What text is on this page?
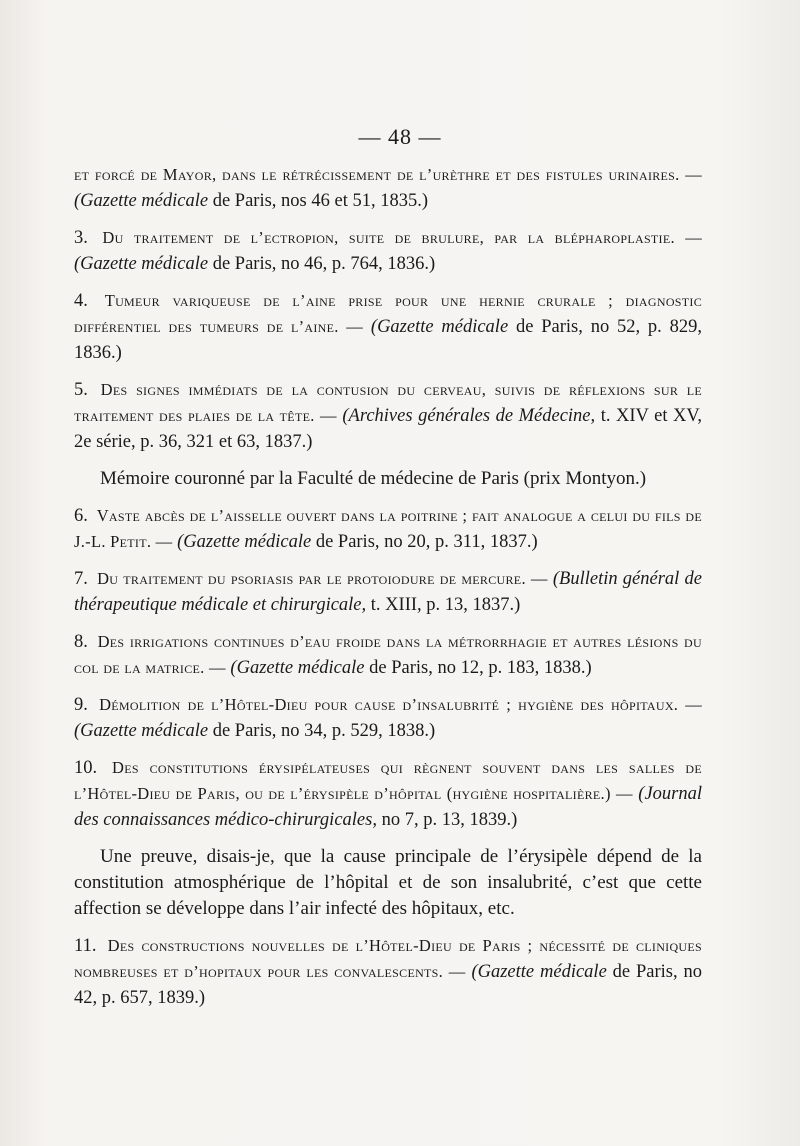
— 48 —

et forcé de Mayor, dans le rétrécissement de l’urèthre et des fistules urinaires. — (Gazette médicale de Paris, nos 46 et 51, 1835.)

3. Du traitement de l’ectropion, suite de brulure, par la blépharoplastie. — (Gazette médicale de Paris, no 46, p. 764, 1836.)

4. Tumeur variqueuse de l’aine prise pour une hernie crurale ; diagnostic différentiel des tumeurs de l’aine. — (Gazette médicale de Paris, no 52, p. 829, 1836.)

5. Des signes immédiats de la contusion du cerveau, suivis de réflexions sur le traitement des plaies de la tête. — (Archives générales de Médecine, t. XIV et XV, 2e série, p. 36, 321 et 63, 1837.)

Mémoire couronné par la Faculté de médecine de Paris (prix Montyon.)

6. Vaste abcès de l’aisselle ouvert dans la poitrine ; fait analogue a celui du fils de J.-L. Petit. — (Gazette médicale de Paris, no 20, p. 311, 1837.)

7. Du traitement du psoriasis par le protoiodure de mercure. — (Bulletin général de thérapeutique médicale et chirurgicale, t. XIII, p. 13, 1837.)

8. Des irrigations continues d’eau froide dans la métrorrhagie et autres lésions du col de la matrice. — (Gazette médicale de Paris, no 12, p. 183, 1838.)

9. Démolition de l’Hôtel-Dieu pour cause d’insalubrité ; hygiène des hôpitaux. — (Gazette médicale de Paris, no 34, p. 529, 1838.)

10. Des constitutions érysipélateuses qui règnent souvent dans les salles de l’Hôtel-Dieu de Paris, ou de l’érysipèle d’hôpital (hygiène hospitalière.) — (Journal des connaissances médico-chirurgicales, no 7, p. 13, 1839.)

Une preuve, disais-je, que la cause principale de l’érysipèle dépend de la constitution atmosphérique de l’hôpital et de son insalubrité, c’est que cette affection se développe dans l’air infecté des hôpitaux, etc.

11. Des constructions nouvelles de l’Hôtel-Dieu de Paris ; nécessité de cliniques nombreuses et d’hopitaux pour les convalescents. — (Gazette médicale de Paris, no 42, p. 657, 1839.)
